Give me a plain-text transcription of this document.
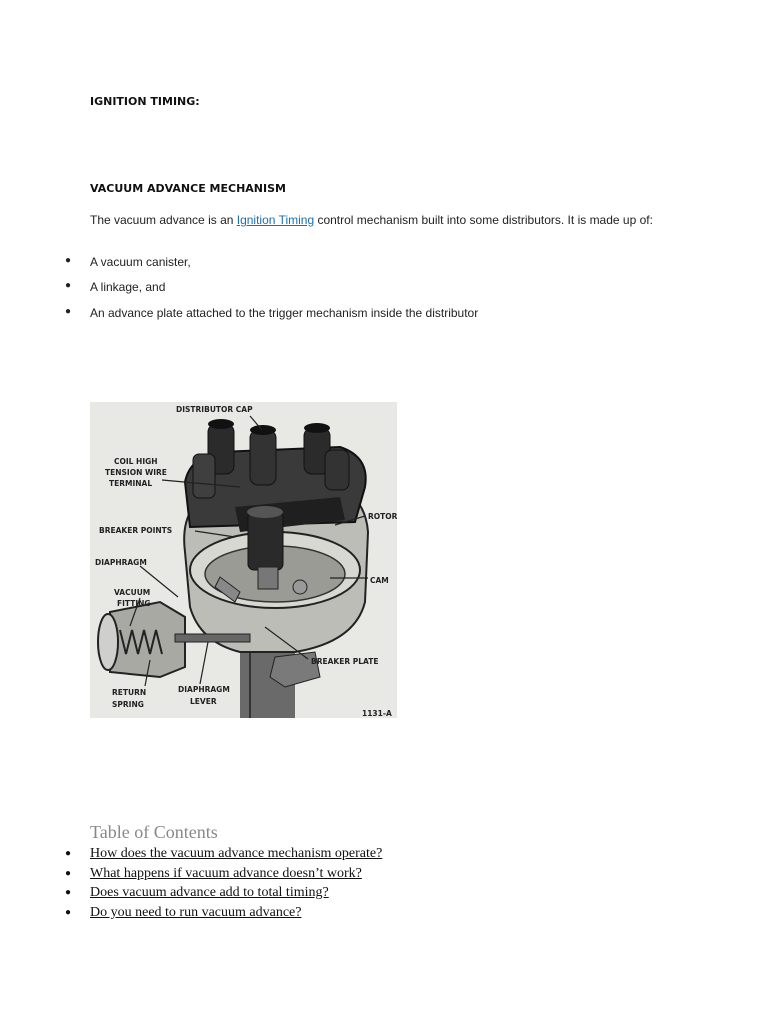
IGNITION TIMING:
VACUUM ADVANCE MECHANISM
The vacuum advance is an Ignition Timing control mechanism built into some distributors. It is made up of:
● A vacuum canister,
● A linkage, and
● An advance plate attached to the trigger mechanism inside the distributor
DISTRIBUTOR CAP
COIL HIGH
TENSION WIRE
TERMINAL
ROTOR
BREAKER POINTS
DIAPHRAGM
CAM
VACUUM
FITTING
BREAKER PLATE
RETURN
SPRING
DIAPHRAGM
LEVER
1131-A
Table of Contents
● How does the vacuum advance mechanism operate?
● What happens if vacuum advance doesn’t work?
● Does vacuum advance add to total timing?
● Do you need to run vacuum advance?
